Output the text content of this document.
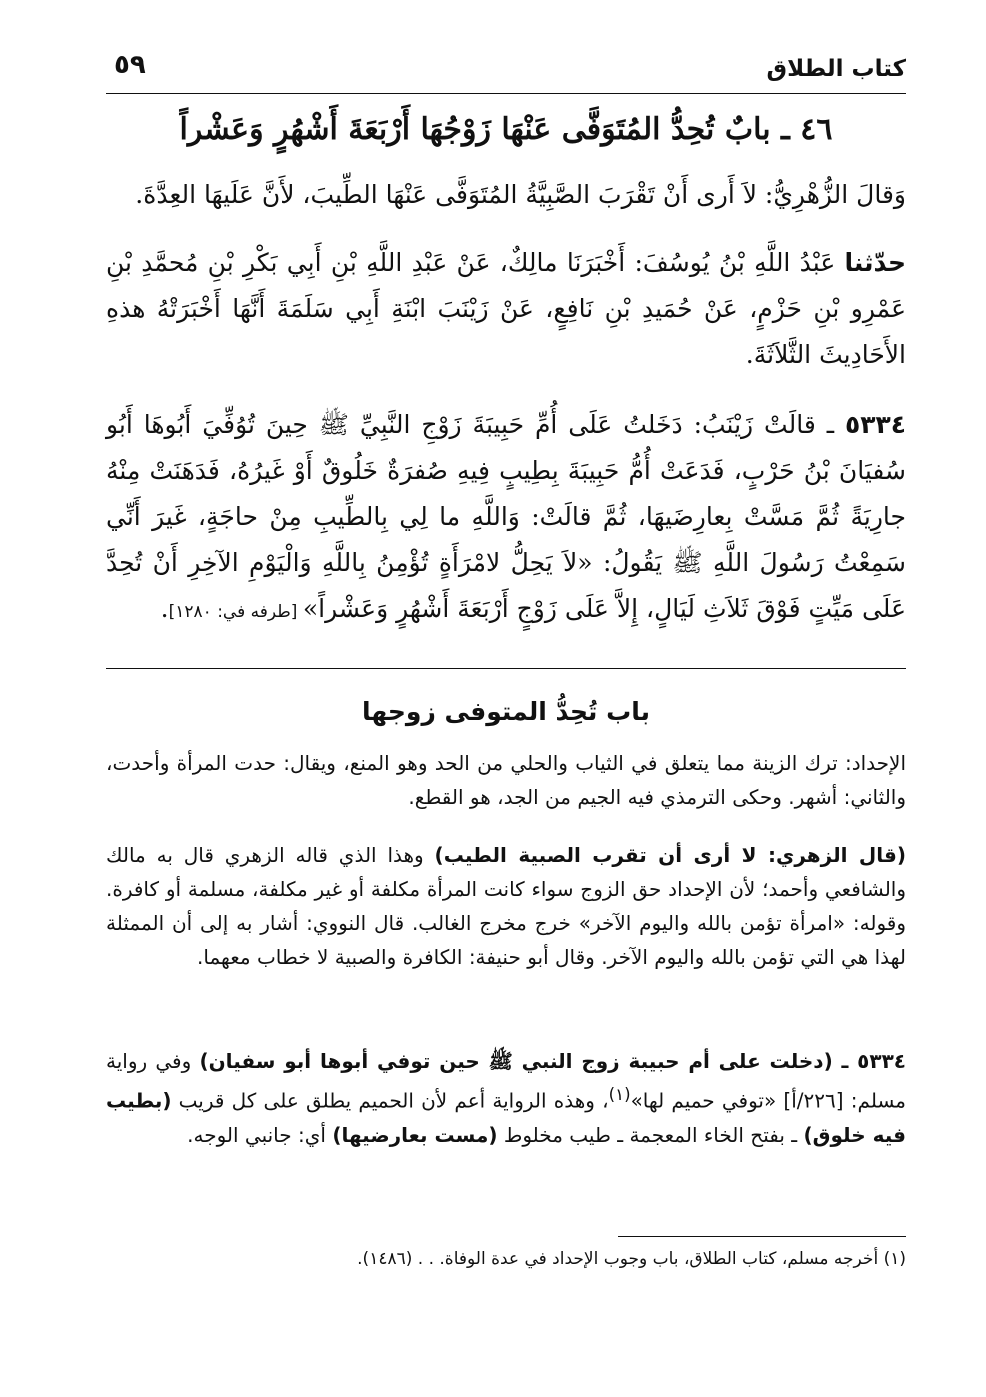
كتاب الطلاق
٥٩
٤٦ ـ بابٌ تُحِدُّ المُتَوَفَّى عَنْهَا زَوْجُهَا أَرْبَعَةَ أَشْهُرٍ وَعَشْراً
وَقالَ الزُّهْرِيُّ: لاَ أَرى أَنْ تَقْرَبَ الصَّبِيَّةُ المُتَوَفَّى عَنْهَا الطِّيبَ، لأَنَّ عَلَيهَا العِدَّةَ.
حدّثنا عَبْدُ اللَّهِ بْنُ يُوسُفَ: أَخْبَرَنَا مالِكٌ، عَنْ عَبْدِ اللَّهِ بْنِ أَبِي بَكْرِ بْنِ مُحمَّدِ بْنِ عَمْرِو بْنِ حَزْمٍ، عَنْ حُمَيدِ بْنِ نَافِعٍ، عَنْ زَيْنَبَ ابْنَةِ أَبِي سَلَمَةَ أَنَّهَا أَخْبَرَتْهُ هذهِ الأَحَادِيثَ الثَّلاَثَةَ.
٥٣٣٤ ـ قالَتْ زَيْنَبُ: دَخَلتُ عَلَى أُمِّ حَبِيبَةَ زَوْجِ النَّبِيِّ ﷺ حِينَ تُوُفِّيَ أَبُوهَا أَبُو سُفيَانَ بْنُ حَرْبٍ، فَدَعَتْ أُمُّ حَبِيبَةَ بِطِيبٍ فِيهِ صُفرَةٌ خَلُوقٌ أَوْ غَيرُهُ، فَدَهَنَتْ مِنْهُ جارِيَةً ثُمَّ مَسَّتْ بِعارِضَيهَا، ثُمَّ قالَتْ: وَاللَّهِ ما لِي بِالطِّيبِ مِنْ حاجَةٍ، غَيرَ أَنِّي سَمِعْتُ رَسُولَ اللَّهِ ﷺ يَقُولُ: «لاَ يَحِلُّ لامْرَأَةٍ تُؤْمِنُ بِاللَّهِ وَالْيَوْمِ الآخِرِ أَنْ تُحِدَّ عَلَى مَيِّتٍ فَوْقَ ثَلاَثِ لَيَالٍ، إِلاَّ عَلَى زَوْجٍ أَرْبَعَةَ أَشْهُرٍ وَعَشْراً» [طرفه في: ١٢٨٠].
باب تُحِدُّ المتوفى زوجها
الإحداد: ترك الزينة مما يتعلق في الثياب والحلي من الحد وهو المنع، ويقال: حدت المرأة وأحدت، والثاني: أشهر. وحكى الترمذي فيه الجيم من الجد، هو القطع.
(قال الزهري: لا أرى أن تقرب الصبية الطيب) وهذا الذي قاله الزهري قال به مالك والشافعي وأحمد؛ لأن الإحداد حق الزوج سواء كانت المرأة مكلفة أو غير مكلفة، مسلمة أو كافرة. وقوله: «امرأة تؤمن بالله واليوم الآخر» خرج مخرج الغالب. قال النووي: أشار به إلى أن الممثلة لهذا هي التي تؤمن بالله واليوم الآخر. وقال أبو حنيفة: الكافرة والصبية لا خطاب معهما.
٥٣٣٤ ـ (دخلت على أم حبيبة زوج النبي ﷺ حين توفي أبوها أبو سفيان) وفي رواية مسلم: [٢٢٦/أ] «توفي حميم لها»$^{(١)}$، وهذه الرواية أعم لأن الحميم يطلق على كل قريب (بطيب فيه خلوق) ـ بفتح الخاء المعجمة ـ طيب مخلوط (مست بعارضيها) أي: جانبي الوجه.
(١) أخرجه مسلم، كتاب الطلاق، باب وجوب الإحداد في عدة الوفاة. . . (١٤٨٦).
